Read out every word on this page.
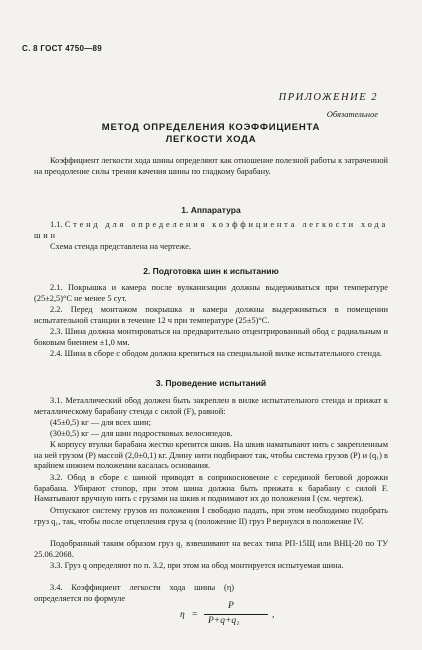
С. 8 ГОСТ 4750—89
ПРИЛОЖЕНИЕ 2
Обязательное
МЕТОД ОПРЕДЕЛЕНИЯ КОЭФФИЦИЕНТА
ЛЕГКОСТИ ХОДА
Коэффициент легкости хода шины определяют как отношение полезной работы к затраченной на преодоление силы трения качения шины по гладкому барабану.
1. Аппаратура
1.1. Стенд для определения коэффициента легкости хода шин
Схема стенда представлена на чертеже.
2. Подготовка шин к испытанию
2.1. Покрышка и камера после вулканизации должны выдерживаться при температуре (25±2,5)°С не менее 5 сут.
2.2. Перед монтажом покрышка и камера должны выдерживаться в помещении испытательной станции в течение 12 ч при температуре (25±5)°С.
2.3. Шина должна монтироваться на предварительно отцентрированный обод с радиальным и боковым биением ±1,0 мм.
2.4. Шина в сборе с ободом должна крепиться на специальной вилке испытательного стенда.
3. Проведение испытаний
3.1. Металлический обод должен быть закреплен в вилке испытательного стенда и прижат к металлическому барабану стенда с силой (F), равной:
(45±0,5) кг — для всех шин;
(30±0,5) кг — для шин подростковых велосипедов.
К корпусу втулки барабана жестко крепится шкив. На шкив наматывают нить с закрепленным на ней грузом (P) массой (2,0±0,1) кг. Длину нити подбирают так, чтобы система грузов (P) и (q₁) в крайнем нижнем положении касалась основания.
3.2. Обод в сборе с шиной приводят в соприкосновение с серединой беговой дорожки барабана. Убирают стопор, при этом шина должна быть прижата к барабану с силой F. Наматывают вручную нить с грузами на шкив и поднимают их до положения I (см. чертеж).
Отпускают систему грузов из положения I свободно падать, при этом необходимо подобрать груз q₁, так, чтобы после отцепления груза q (положение II) груз P вернулся в положение IV.
Подобранный таким образом груз q₁ взвешивают на весах типа РП-15Щ или ВНЦ-20 по ТУ 25.06.2068.
3.3. Груз q определяют по п. 3.2, при этом на обод монтируется испытуемая шина.
3.4. Коэффициент легкости хода шины (η) определяется по формуле
η =
P
P+q+q₁
,
